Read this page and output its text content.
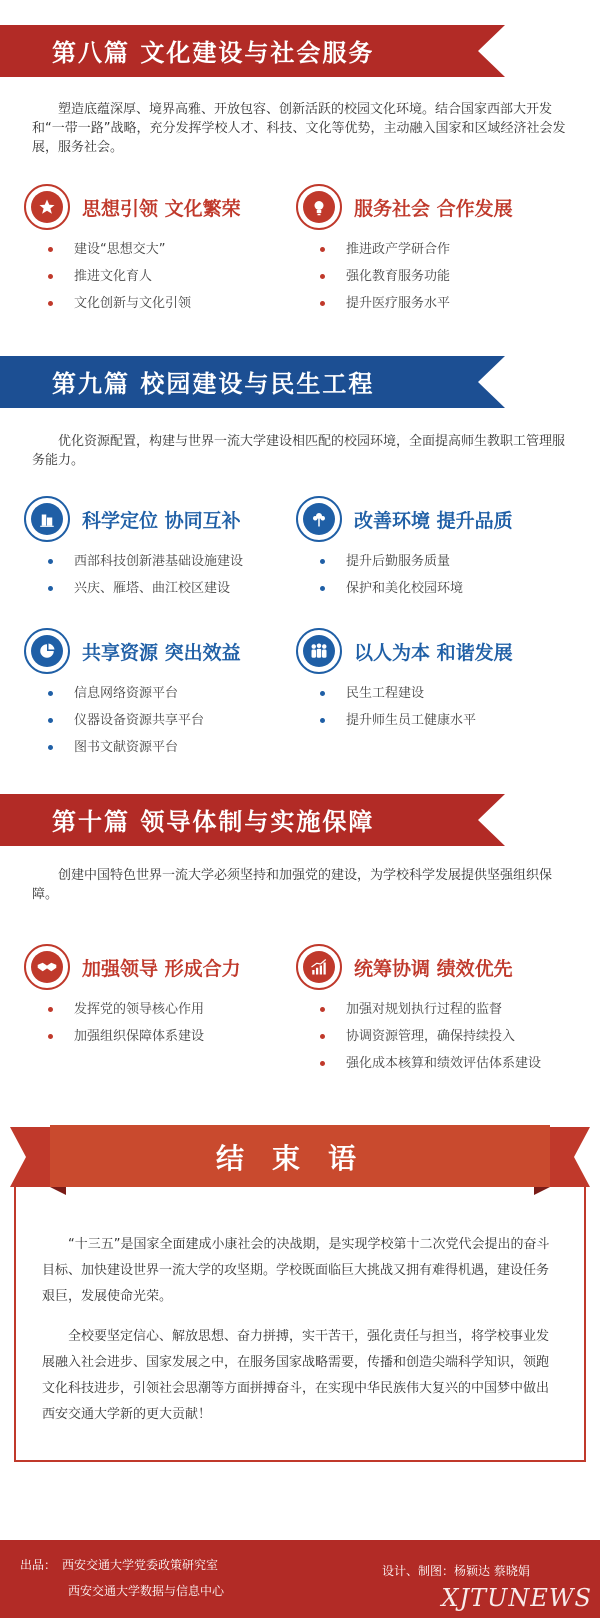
第八篇 文化建设与社会服务
塑造底蕴深厚、境界高雅、开放包容、创新活跃的校园文化环境。结合国家西部大开发和“一带一路”战略，充分发挥学校人才、科技、文化等优势，主动融入国家和区域经济社会发展，服务社会。
思想引领 文化繁荣
建设“思想交大”
推进文化育人
文化创新与文化引领
服务社会 合作发展
推进政产学研合作
强化教育服务功能
提升医疗服务水平
第九篇 校园建设与民生工程
优化资源配置，构建与世界一流大学建设相匹配的校园环境，全面提高师生教职工管理服务能力。
科学定位 协同互补
西部科技创新港基础设施建设
兴庆、雁塔、曲江校区建设
改善环境 提升品质
提升后勤服务质量
保护和美化校园环境
共享资源 突出效益
信息网络资源平台
仪器设备资源共享平台
图书文献资源平台
以人为本 和谐发展
民生工程建设
提升师生员工健康水平
第十篇 领导体制与实施保障
创建中国特色世界一流大学必须坚持和加强党的建设，为学校科学发展提供坚强组织保障。
加强领导 形成合力
发挥党的领导核心作用
加强组织保障体系建设
统筹协调 绩效优先
加强对规划执行过程的监督
协调资源管理，确保持续投入
强化成本核算和绩效评估体系建设
结束语

“十三五”是国家全面建成小康社会的决战期，是实现学校第十二次党代会提出的奋斗目标、加快建设世界一流大学的攻坚期。学校既面临巨大挑战又拥有难得机遇，建设任务艰巨，发展使命光荣。

全校要坚定信心、解放思想、奋力拼搏，实干苦干，强化责任与担当，将学校事业发展融入社会进步、国家发展之中，在服务国家战略需要，传播和创造尖端科学知识，领跑文化科技进步，引领社会思潮等方面拼搏奋斗，在实现中华民族伟大复兴的中国梦中做出西安交通大学新的更大贡献！

出品： 西安交通大学党委政策研究室
西安交通大学数据与信息中心
设计、制图：杨颖达 蔡晓娟
XJTUNEWS
